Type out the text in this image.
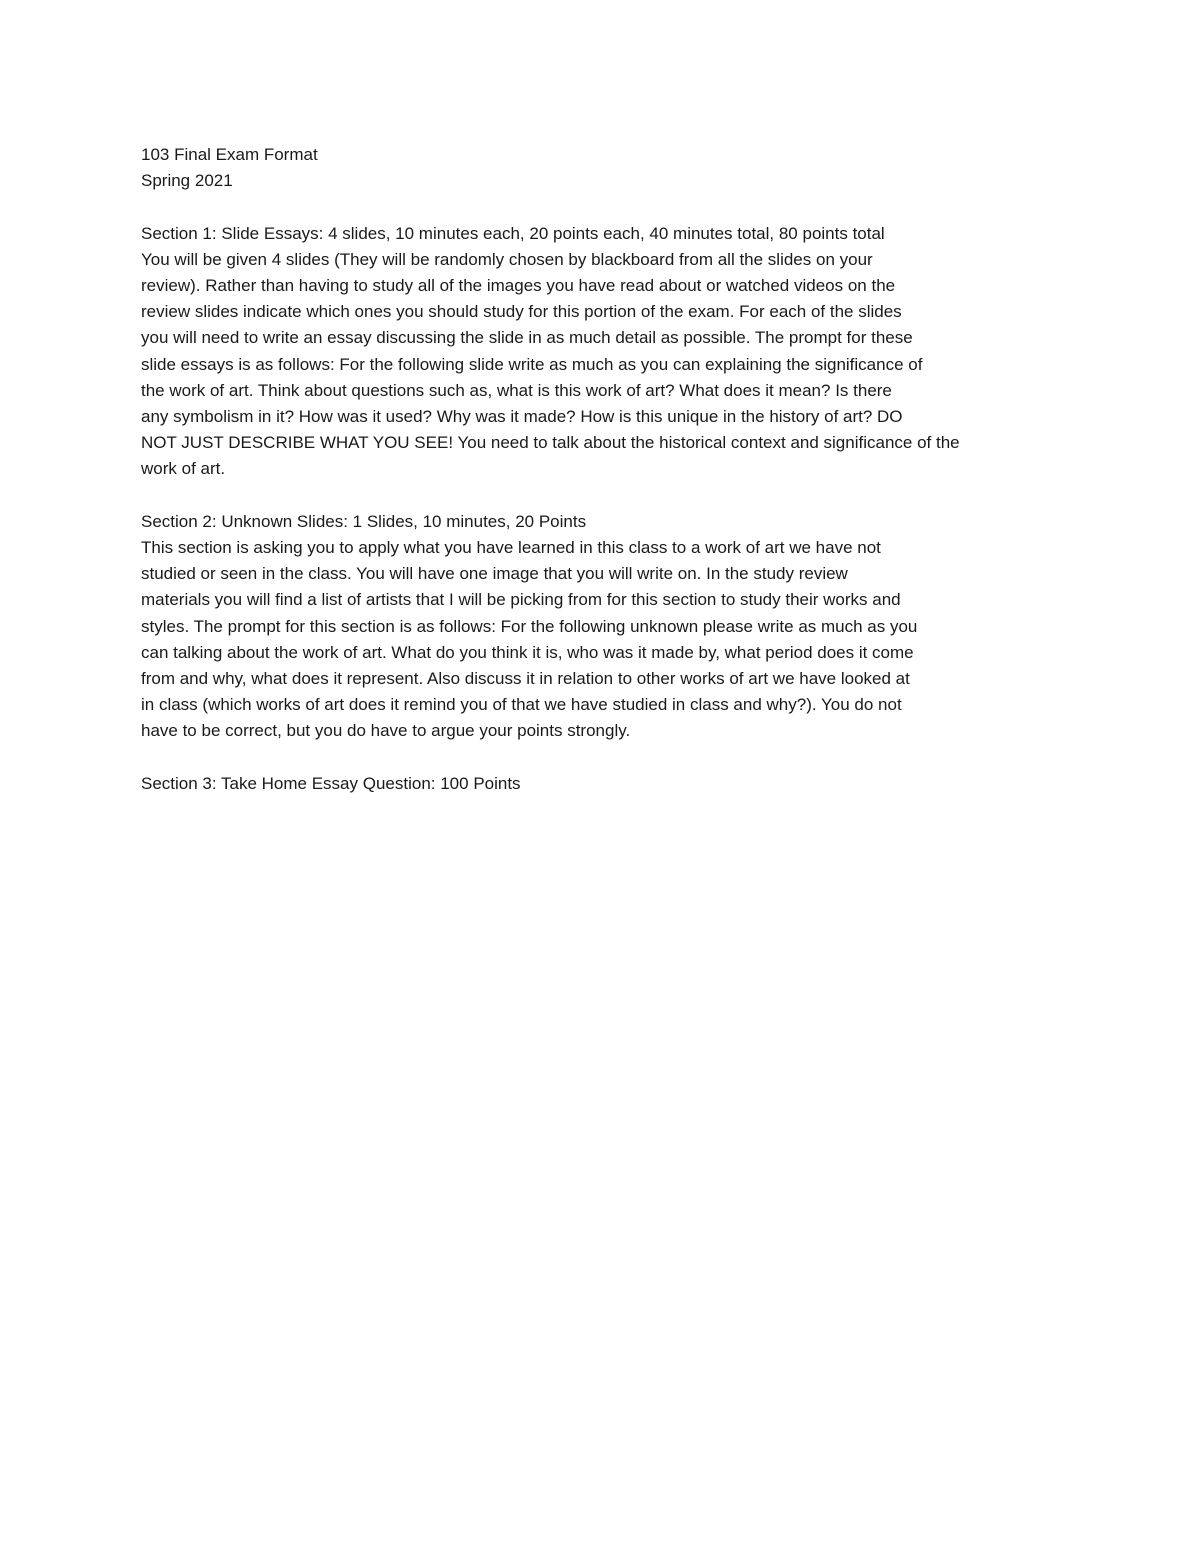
103 Final Exam Format
Spring 2021
Section 1: Slide Essays: 4 slides, 10 minutes each, 20 points each, 40 minutes total, 80 points total
You will be given 4 slides (They will be randomly chosen by blackboard from all the slides on your
review). Rather than having to study all of the images you have read about or watched videos on the
review slides indicate which ones you should study for this portion of the exam. For each of the slides
you will need to write an essay discussing the slide in as much detail as possible. The prompt for these
slide essays is as follows: For the following slide write as much as you can explaining the significance of
the work of art. Think about questions such as, what is this work of art? What does it mean? Is there
any symbolism in it? How was it used? Why was it made? How is this unique in the history of art? DO
NOT JUST DESCRIBE WHAT YOU SEE! You need to talk about the historical context and significance of the
work of art.
Section 2: Unknown Slides: 1 Slides, 10 minutes, 20 Points
This section is asking you to apply what you have learned in this class to a work of art we have not
studied or seen in the class. You will have one image that you will write on. In the study review
materials you will find a list of artists that I will be picking from for this section to study their works and
styles. The prompt for this section is as follows: For the following unknown please write as much as you
can talking about the work of art. What do you think it is, who was it made by, what period does it come
from and why, what does it represent. Also discuss it in relation to other works of art we have looked at
in class (which works of art does it remind you of that we have studied in class and why?). You do not
have to be correct, but you do have to argue your points strongly.
Section 3: Take Home Essay Question: 100 Points
